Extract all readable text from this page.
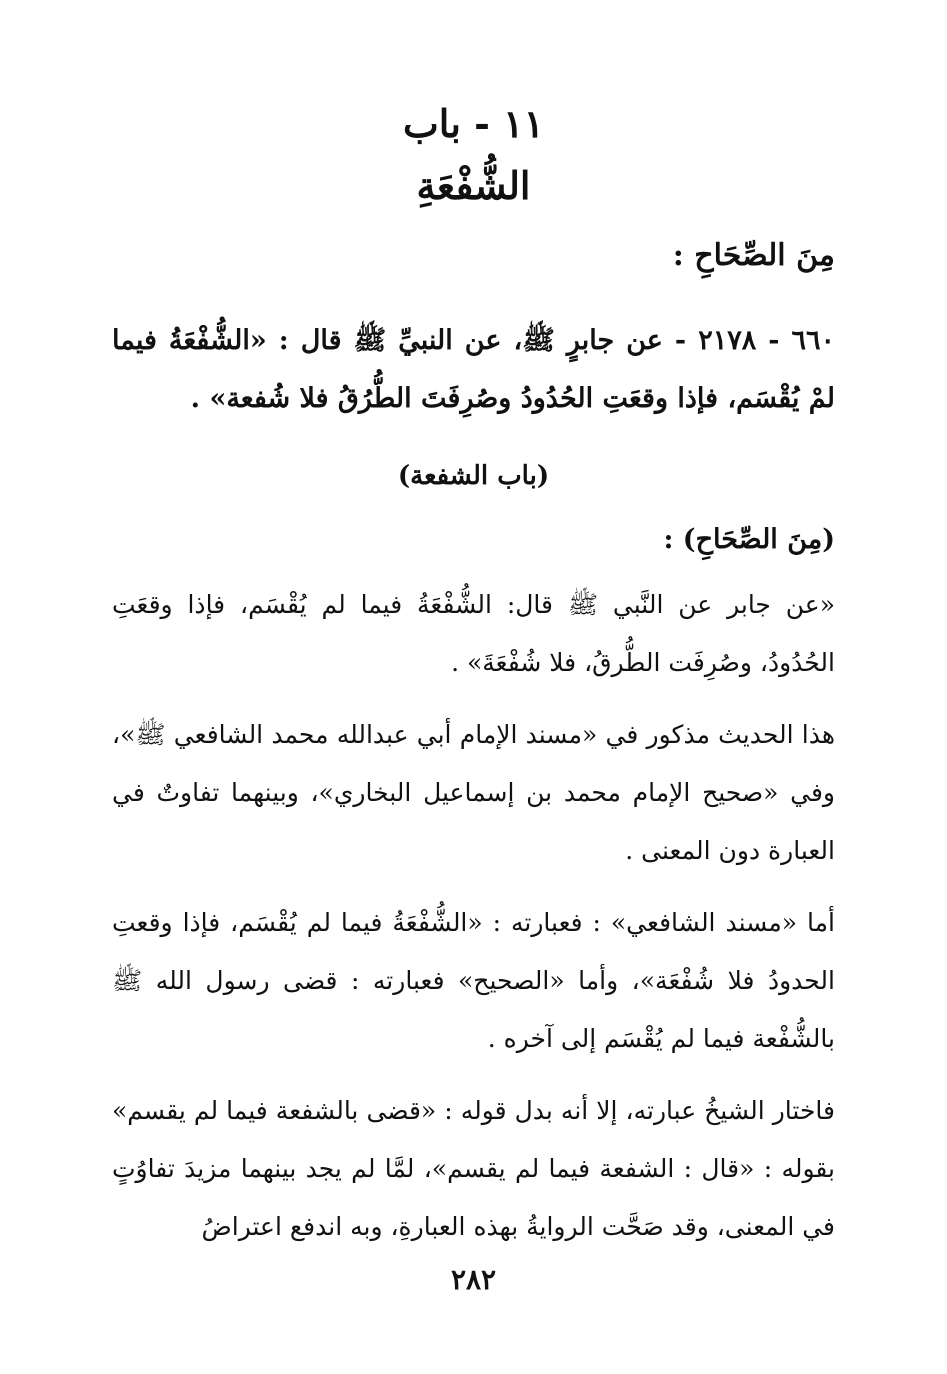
١١ - باب
الشُّفْعَةِ
مِنَ الصِّحَاحِ :
٦٦٠ - ٢١٧٨ - عن جابرٍ ﷺ، عن النبيِّ ﷺ قال : «الشُّفْعَةُ فيما لمْ يُقْسَم، فإذا وقعَتِ الحُدُودُ وصُرِفَتَ الطُّرُقُ فلا شُفعة» .
(باب الشفعة)
(مِنَ الصِّحَاحِ) :

«عن جابر عن النَّبي ﷺ قال: الشُّفْعَةُ فيما لم يُقْسَم، فإذا وقعَتِ الحُدُودُ، وصُرِفَت الطُّرقُ، فلا شُفْعَةَ» .

هذا الحديث مذكور في «مسند الإمام أبي عبدالله محمد الشافعي ﷺ»، وفي «صحيح الإمام محمد بن إسماعيل البخاري»، وبينهما تفاوتٌ في العبارة دون المعنى .

أما «مسند الشافعي» : فعبارته : «الشُّفْعَةُ فيما لم يُقْسَم، فإذا وقعتِ الحدودُ فلا شُفْعَة»، وأما «الصحيح» فعبارته : قضى رسول الله ﷺ بالشُّفْعة فيما لم يُقْسَم إلى آخره .

فاختار الشيخُ عبارته، إلا أنه بدل قوله : «قضى بالشفعة فيما لم يقسم» بقوله : «قال : الشفعة فيما لم يقسم»، لمَّا لم يجد بينهما مزيدَ تفاوُتٍ في المعنى، وقد صَحَّت الروايةُ بهذه العبارةِ، وبه اندفع اعتراضُ

٢٨٢
